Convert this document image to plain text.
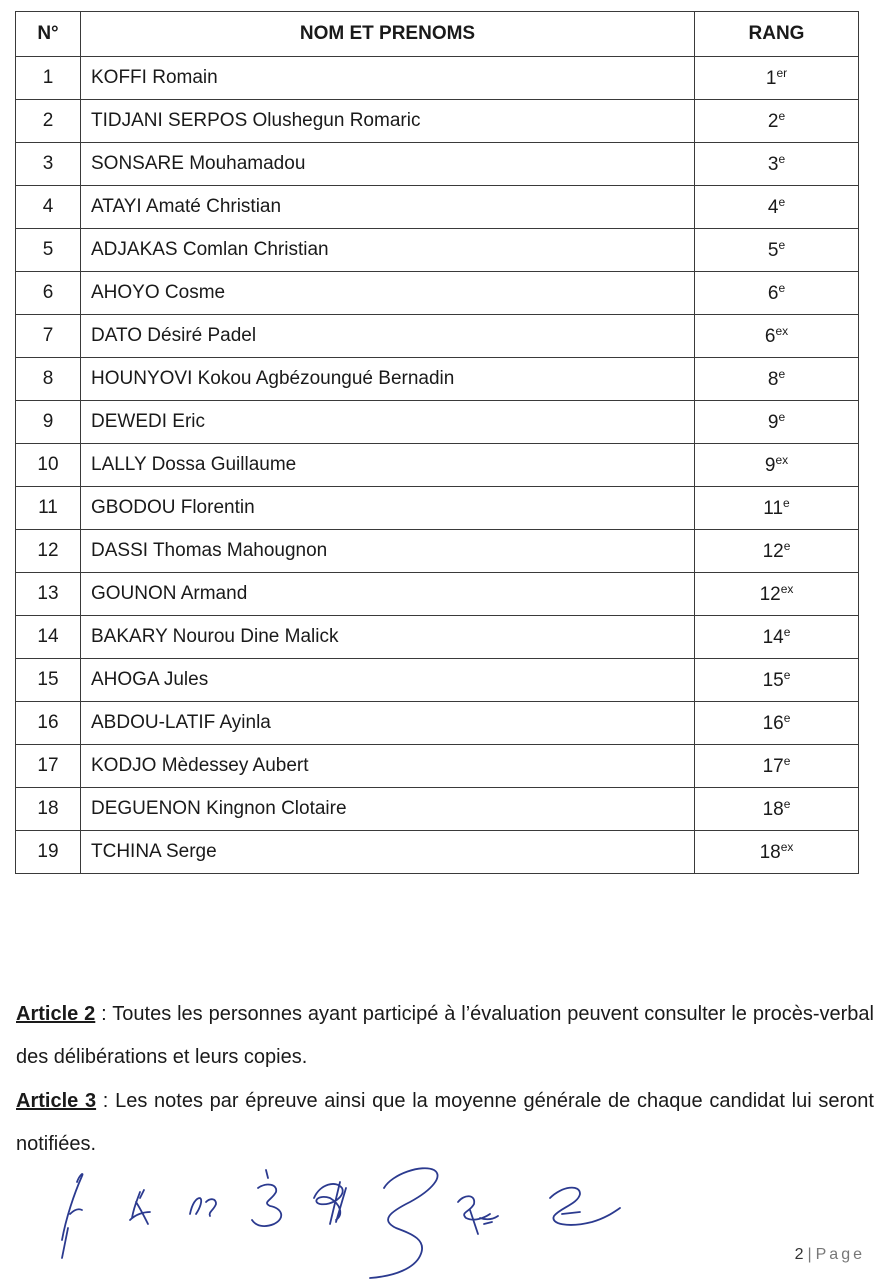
N°	NOM ET PRENOMS	RANG
1	KOFFI Romain	1er
2	TIDJANI SERPOS Olushegun Romaric	2e
3	SONSARE Mouhamadou	3e
4	ATAYI Amaté Christian	4e
5	ADJAKAS Comlan Christian	5e
6	AHOYO Cosme	6e
7	DATO Désiré Padel	$6^{ex}$
8	HOUNYOVI Kokou Agbézoungué Bernadin	8e
9	DEWEDI Eric	9e
10	LALLY Dossa Guillaume	$9^{ex}$
11	GBODOU Florentin	11e
12	DASSI Thomas Mahougnon	12e
13	GOUNON Armand	$12^{ex}$
14	BAKARY Nourou Dine Malick	14e
15	AHOGA Jules	15e
16	ABDOU-LATIF Ayinla	16e
17	KODJO Mèdessey Aubert	17e
18	DEGUENON Kingnon Clotaire	18e
19	TCHINA Serge	$18^{ex}$

Article 2 : Toutes les personnes ayant participé à l’évaluation peuvent consulter le procès-verbal des délibérations et leurs copies.

Article 3 : Les notes par épreuve ainsi que la moyenne générale de chaque candidat lui seront notifiées.

2 | Page
